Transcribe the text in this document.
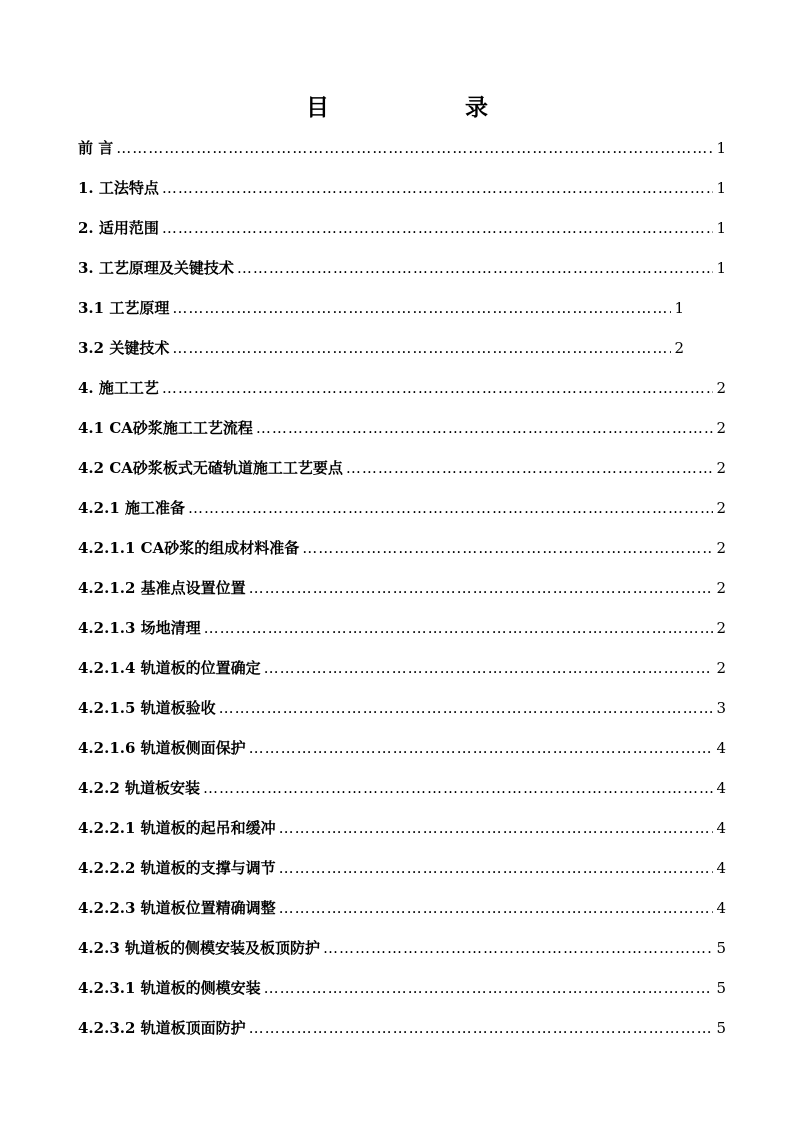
目 录
前 言 ……………………………………………………………………………………………………………………………………………………………………………………………………………………	1
1. 工法特点 ……………………………………………………………………………………………………………………………………………………………………………………………………………………	1
2. 适用范围 ……………………………………………………………………………………………………………………………………………………………………………………………………………………	1
3. 工艺原理及关键技术 ……………………………………………………………………………………………………………………………………………………………………………………………………………………	1
3.1 工艺原理 ……………………………………………………………………………………………………………………………………………………………………………………………………………………	1
3.2 关键技术 ……………………………………………………………………………………………………………………………………………………………………………………………………………………	2
4. 施工工艺 ……………………………………………………………………………………………………………………………………………………………………………………………………………………	2
4.1 CA砂浆施工工艺流程 ……………………………………………………………………………………………………………………………………………………………………………………………………………………	2
4.2 CA砂浆板式无碴轨道施工工艺要点 ……………………………………………………………………………………………………………………………………………………………………………………………………………………	2
4.2.1 施工准备 ……………………………………………………………………………………………………………………………………………………………………………………………………………………	2
4.2.1.1 CA砂浆的组成材料准备 ……………………………………………………………………………………………………………………………………………………………………………………………………………………	2
4.2.1.2 基准点设置位置 ……………………………………………………………………………………………………………………………………………………………………………………………………………………	2
4.2.1.3 场地清理 ……………………………………………………………………………………………………………………………………………………………………………………………………………………	2
4.2.1.4 轨道板的位置确定 ……………………………………………………………………………………………………………………………………………………………………………………………………………………	2
4.2.1.5 轨道板验收 ……………………………………………………………………………………………………………………………………………………………………………………………………………………	3
4.2.1.6 轨道板侧面保护 ……………………………………………………………………………………………………………………………………………………………………………………………………………………	4
4.2.2 轨道板安装 ……………………………………………………………………………………………………………………………………………………………………………………………………………………	4
4.2.2.1 轨道板的起吊和缓冲 ……………………………………………………………………………………………………………………………………………………………………………………………………………………	4
4.2.2.2 轨道板的支撑与调节 ……………………………………………………………………………………………………………………………………………………………………………………………………………………	4
4.2.2.3 轨道板位置精确调整 ……………………………………………………………………………………………………………………………………………………………………………………………………………………	4
4.2.3 轨道板的侧模安装及板顶防护 ……………………………………………………………………………………………………………………………………………………………………………………………………………………	5
4.2.3.1 轨道板的侧模安装 ……………………………………………………………………………………………………………………………………………………………………………………………………………………	5
4.2.3.2 轨道板顶面防护 ……………………………………………………………………………………………………………………………………………………………………………………………………………………	5
